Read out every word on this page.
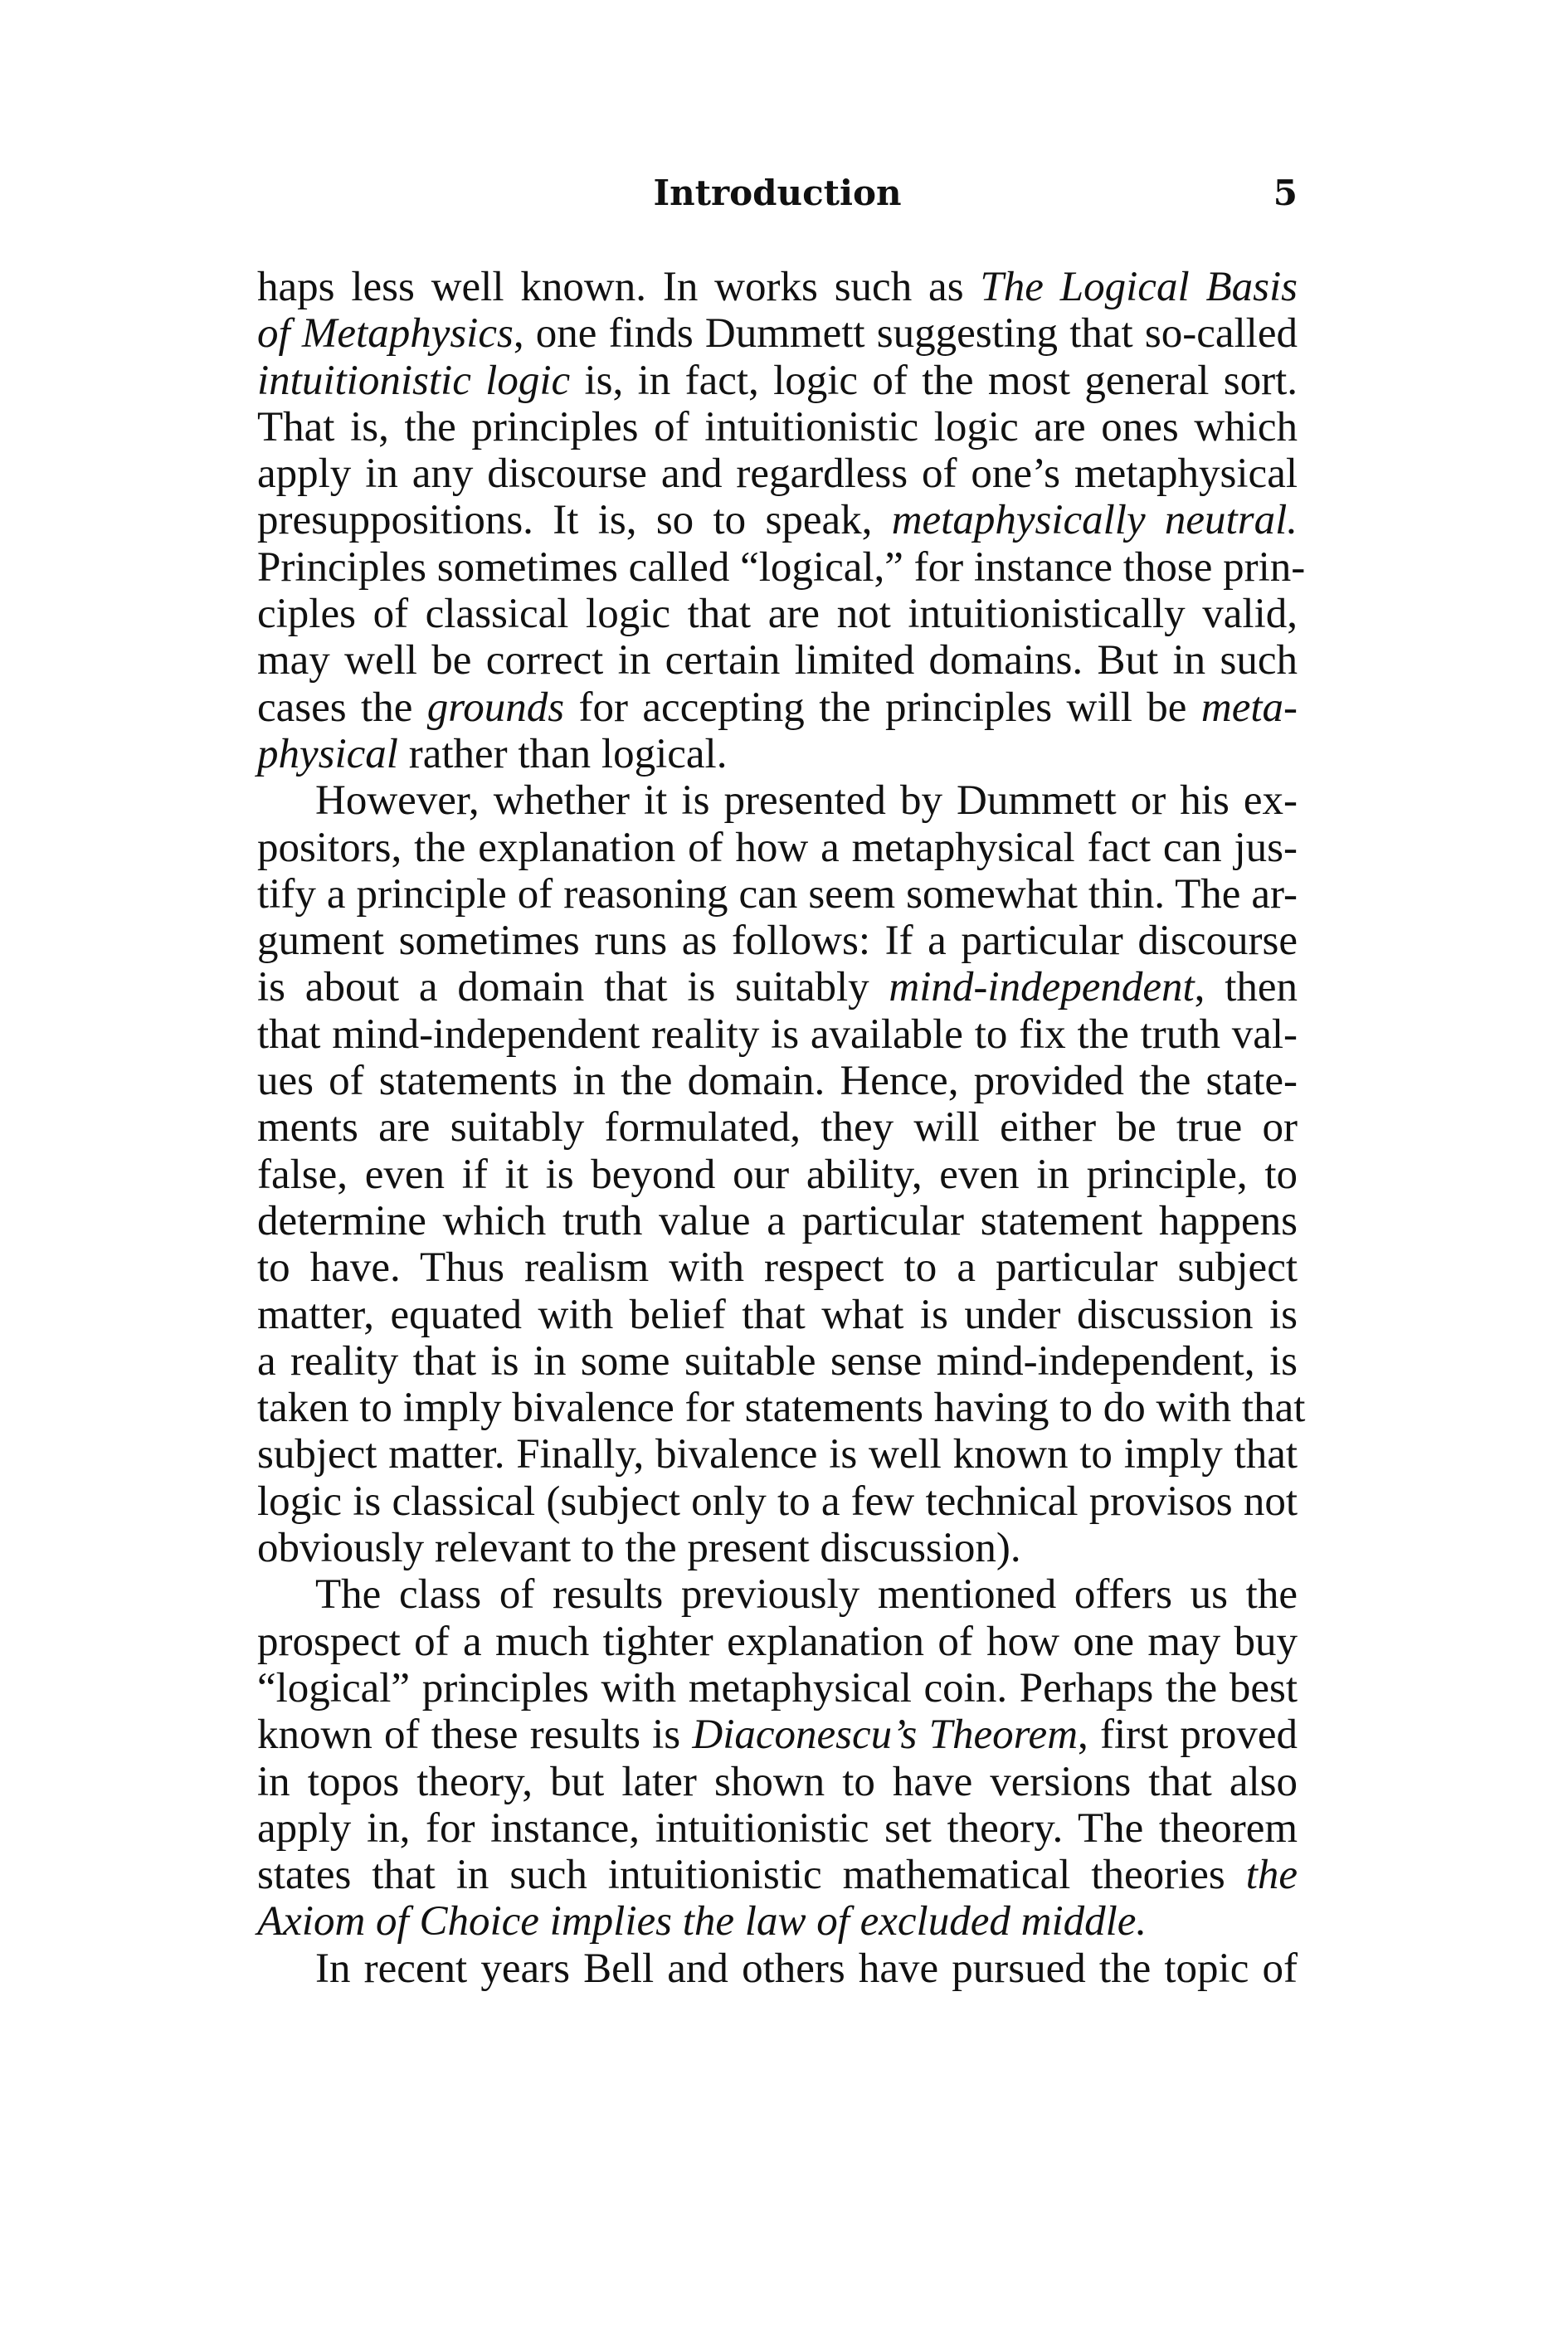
Introduction	5
haps less well known. In works such as The Logical Basis
of Metaphysics, one finds Dummett suggesting that so-called
intuitionistic logic is, in fact, logic of the most general sort.
That is, the principles of intuitionistic logic are ones which
apply in any discourse and regardless of one’s metaphysical
presuppositions. It is, so to speak, metaphysically neutral.
Principles sometimes called “logical,” for instance those prin-
ciples of classical logic that are not intuitionistically valid,
may well be correct in certain limited domains. But in such
cases the grounds for accepting the principles will be meta-
physical rather than logical.
However, whether it is presented by Dummett or his ex-
positors, the explanation of how a metaphysical fact can jus-
tify a principle of reasoning can seem somewhat thin. The ar-
gument sometimes runs as follows: If a particular discourse
is about a domain that is suitably mind-independent, then
that mind-independent reality is available to fix the truth val-
ues of statements in the domain. Hence, provided the state-
ments are suitably formulated, they will either be true or
false, even if it is beyond our ability, even in principle, to
determine which truth value a particular statement happens
to have. Thus realism with respect to a particular subject
matter, equated with belief that what is under discussion is
a reality that is in some suitable sense mind-independent, is
taken to imply bivalence for statements having to do with that
subject matter. Finally, bivalence is well known to imply that
logic is classical (subject only to a few technical provisos not
obviously relevant to the present discussion).
The class of results previously mentioned offers us the
prospect of a much tighter explanation of how one may buy
“logical” principles with metaphysical coin. Perhaps the best
known of these results is Diaconescu’s Theorem, first proved
in topos theory, but later shown to have versions that also
apply in, for instance, intuitionistic set theory. The theorem
states that in such intuitionistic mathematical theories the
Axiom of Choice implies the law of excluded middle.
In recent years Bell and others have pursued the topic of
